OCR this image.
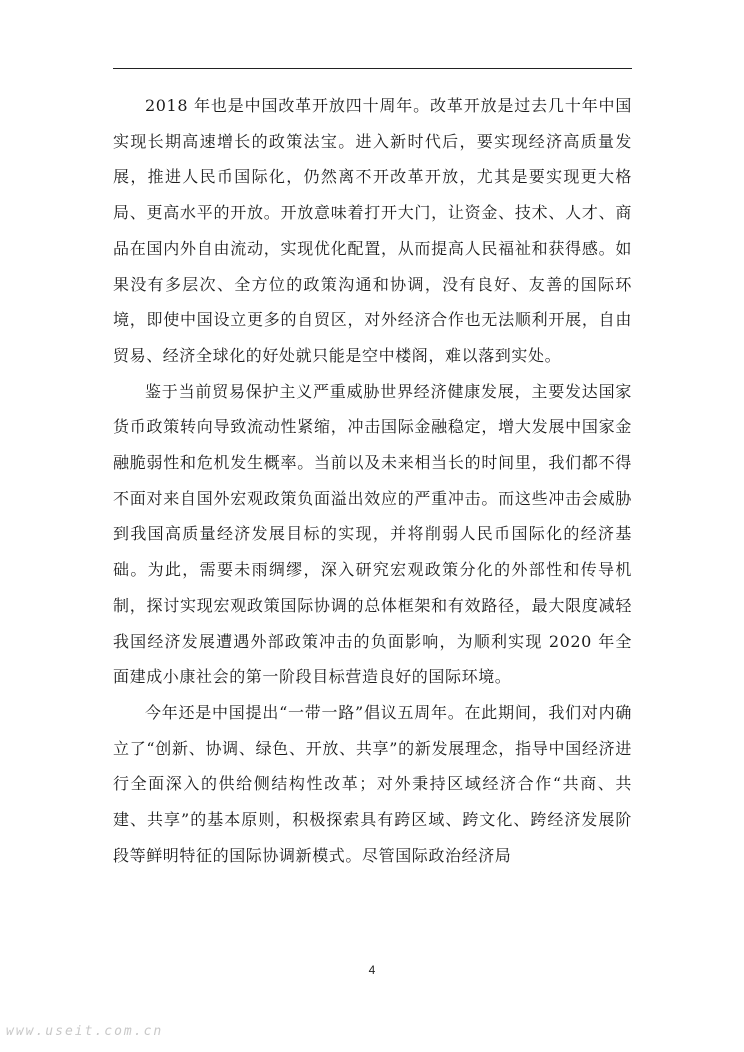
2018 年也是中国改革开放四十周年。改革开放是过去几十年中国实现长期高速增长的政策法宝。进入新时代后，要实现经济高质量发展，推进人民币国际化，仍然离不开改革开放，尤其是要实现更大格局、更高水平的开放。开放意味着打开大门，让资金、技术、人才、商品在国内外自由流动，实现优化配置，从而提高人民福祉和获得感。如果没有多层次、全方位的政策沟通和协调，没有良好、友善的国际环境，即使中国设立更多的自贸区，对外经济合作也无法顺利开展，自由贸易、经济全球化的好处就只能是空中楼阁，难以落到实处。

鉴于当前贸易保护主义严重威胁世界经济健康发展，主要发达国家货币政策转向导致流动性紧缩，冲击国际金融稳定，增大发展中国家金融脆弱性和危机发生概率。当前以及未来相当长的时间里，我们都不得不面对来自国外宏观政策负面溢出效应的严重冲击。而这些冲击会威胁到我国高质量经济发展目标的实现，并将削弱人民币国际化的经济基础。为此，需要未雨绸缪，深入研究宏观政策分化的外部性和传导机制，探讨实现宏观政策国际协调的总体框架和有效路径，最大限度减轻我国经济发展遭遇外部政策冲击的负面影响，为顺利实现 2020 年全面建成小康社会的第一阶段目标营造良好的国际环境。

今年还是中国提出“一带一路”倡议五周年。在此期间，我们对内确立了“创新、协调、绿色、开放、共享”的新发展理念，指导中国经济进行全面深入的供给侧结构性改革；对外秉持区域经济合作“共商、共建、共享”的基本原则，积极探索具有跨区域、跨文化、跨经济发展阶段等鲜明特征的国际协调新模式。尽管国际政治经济局

4
www.useit.com.cn
